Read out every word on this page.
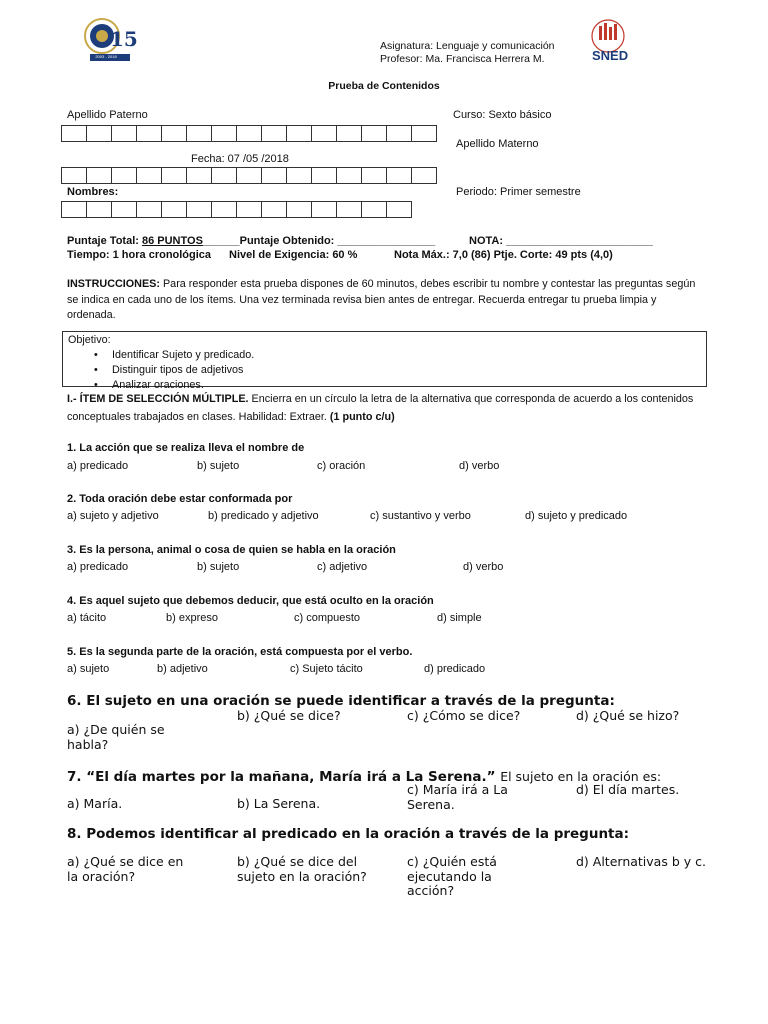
15
2003 - 2018	SNED
Asignatura: Lenguaje y comunicación
Profesor: Ma. Francisca Herrera M.
Prueba de Contenidos
Apellido Paterno	Curso: Sexto básico
Apellido Materno
Fecha: 07 /05 /2018
Nombres:	Periodo: Primer semestre
Puntaje Total: 86 PUNTOS______Puntaje Obtenido: ________________	NOTA: ________________________
Tiempo: 1 hora cronológica Nivel de Exigencia: 60 %	Nota Máx.: 7,0 (86) Ptje. Corte: 49 pts (4,0)
INSTRUCCIONES: Para responder esta prueba dispones de 60 minutos, debes escribir tu nombre y contestar las preguntas según se indica en cada uno de los ítems. Una vez terminada revisa bien antes de entregar. Recuerda entregar tu prueba limpia y ordenada.
Objetivo:
• Identificar Sujeto y predicado.
• Distinguir tipos de adjetivos
• Analizar oraciones.
I.- ÍTEM DE SELECCIÓN MÚLTIPLE. Encierra en un círculo la letra de la alternativa que corresponda de acuerdo a los contenidos conceptuales trabajados en clases. Habilidad: Extraer. (1 punto c/u)
1. La acción que se realiza lleva el nombre de
a) predicado	b) sujeto	c) oración	d) verbo
2. Toda oración debe estar conformada por
a) sujeto y adjetivo	b) predicado y adjetivo	c) sustantivo y verbo	d) sujeto y predicado
3. Es la persona, animal o cosa de quien se habla en la oración
a) predicado	b) sujeto	c) adjetivo	d) verbo
4. Es aquel sujeto que debemos deducir, que está oculto en la oración
a) tácito	b) expreso	c) compuesto	d) simple
5. Es la segunda parte de la oración, está compuesta por el verbo.
a) sujeto	b) adjetivo	c) Sujeto tácito	d) predicado
6. El sujeto en una oración se puede identificar a través de la pregunta:
a) ¿De quién se habla?
b) ¿Qué se dice?	c) ¿Cómo se dice?	d) ¿Qué se hizo?
7. “El día martes por la mañana, María irá a La Serena.” El sujeto en la oración es:
a) María.	b) La Serena.
c) María irá a La Serena.
d) El día martes.
8. Podemos identificar al predicado en la oración a través de la pregunta:
a) ¿Qué se dice en la oración?
b) ¿Qué se dice del sujeto en la oración?
c) ¿Quién está ejecutando la acción?
d) Alternativas b y c.
